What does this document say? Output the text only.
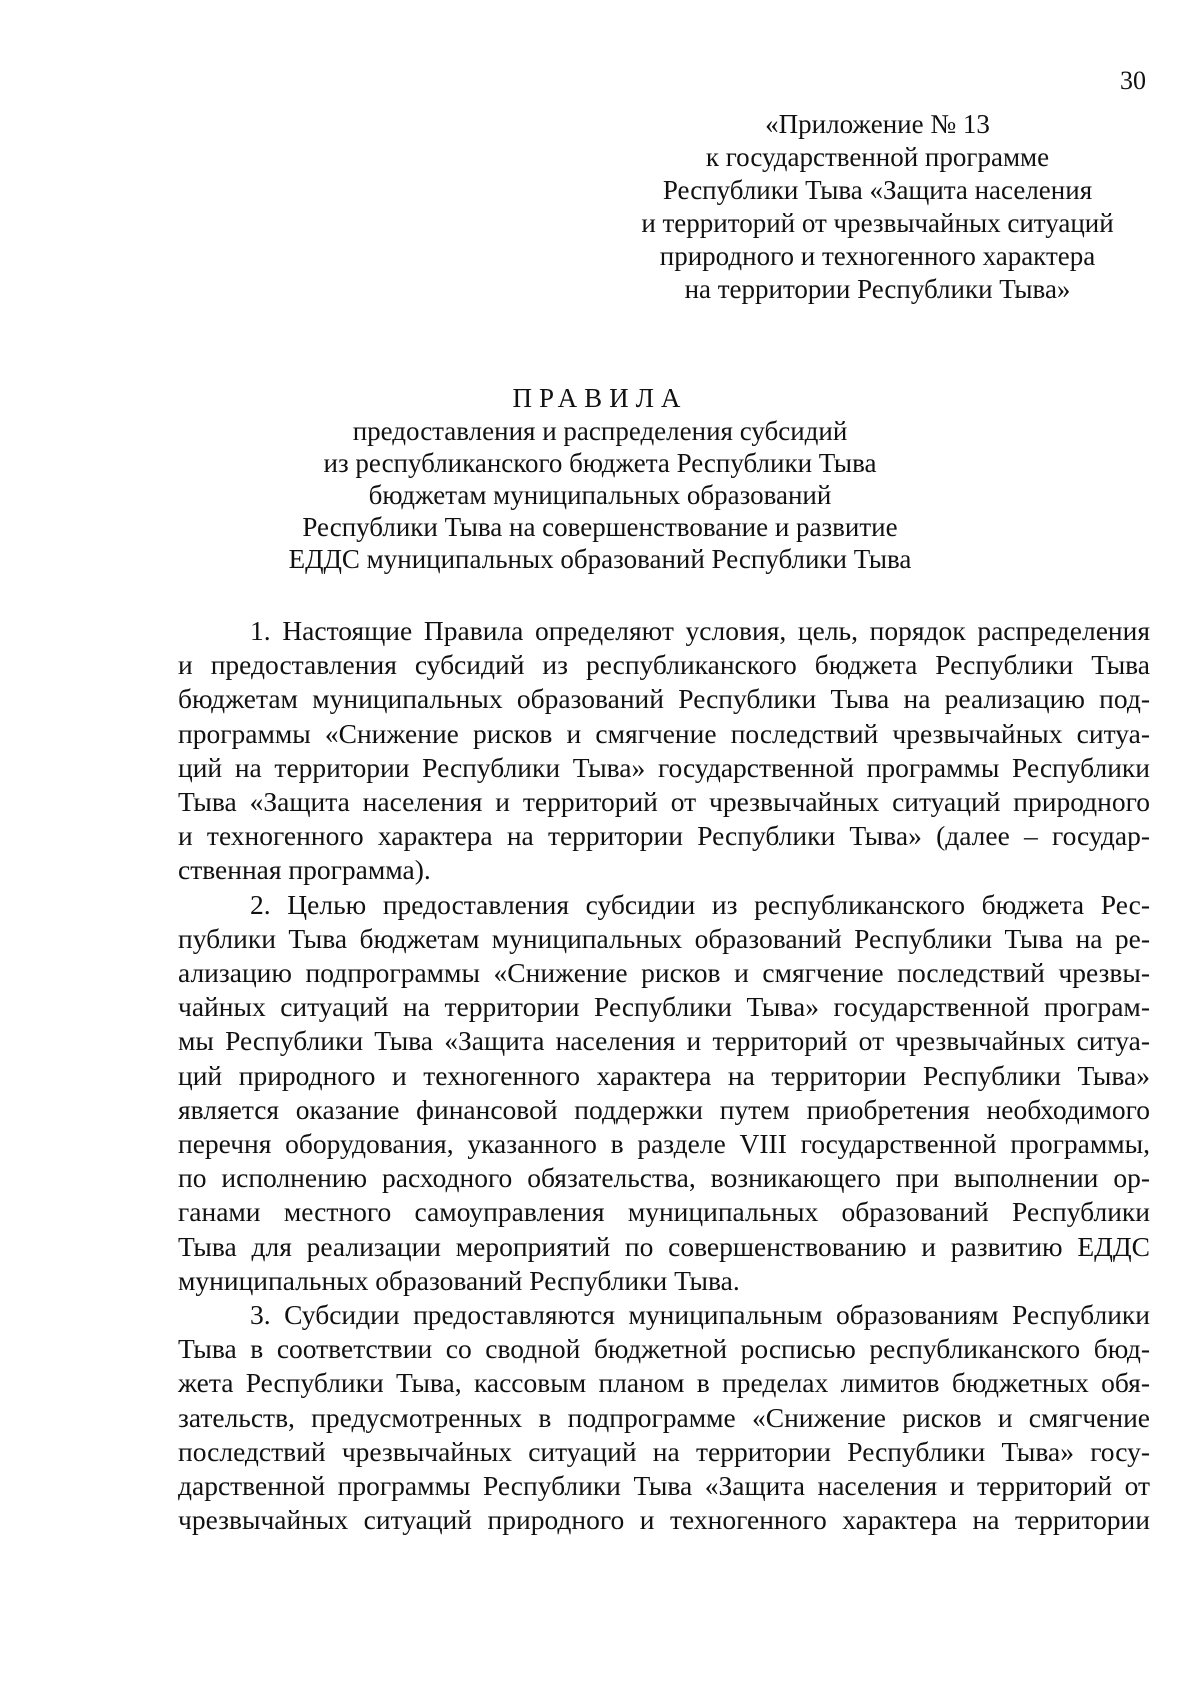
30
«Приложение № 13
к государственной программе
Республики Тыва «Защита населения
и территорий от чрезвычайных ситуаций
природного и техногенного характера
на территории Республики Тыва»
ПРАВИЛА
предоставления и распределения субсидий
из республиканского бюджета Республики Тыва
бюджетам муниципальных образований
Республики Тыва на совершенствование и развитие
ЕДДС муниципальных образований Республики Тыва
1. Настоящие Правила определяют условия, цель, порядок распределения
и предоставления субсидий из республиканского бюджета Республики Тыва
бюджетам муниципальных образований Республики Тыва на реализацию под-
программы «Снижение рисков и смягчение последствий чрезвычайных ситуа-
ций на территории Республики Тыва» государственной программы Республики
Тыва «Защита населения и территорий от чрезвычайных ситуаций природного
и техногенного характера на территории Республики Тыва» (далее – государ-
ственная программа).
2. Целью предоставления субсидии из республиканского бюджета Рес-
публики Тыва бюджетам муниципальных образований Республики Тыва на ре-
ализацию подпрограммы «Снижение рисков и смягчение последствий чрезвы-
чайных ситуаций на территории Республики Тыва» государственной програм-
мы Республики Тыва «Защита населения и территорий от чрезвычайных ситуа-
ций природного и техногенного характера на территории Республики Тыва»
является оказание финансовой поддержки путем приобретения необходимого
перечня оборудования, указанного в разделе VIII государственной программы,
по исполнению расходного обязательства, возникающего при выполнении ор-
ганами местного самоуправления муниципальных образований Республики
Тыва для реализации мероприятий по совершенствованию и развитию ЕДДС
муниципальных образований Республики Тыва.
3. Субсидии предоставляются муниципальным образованиям Республики
Тыва в соответствии со сводной бюджетной росписью республиканского бюд-
жета Республики Тыва, кассовым планом в пределах лимитов бюджетных обя-
зательств, предусмотренных в подпрограмме «Снижение рисков и смягчение
последствий чрезвычайных ситуаций на территории Республики Тыва» госу-
дарственной программы Республики Тыва «Защита населения и территорий от
чрезвычайных ситуаций природного и техногенного характера на территории
